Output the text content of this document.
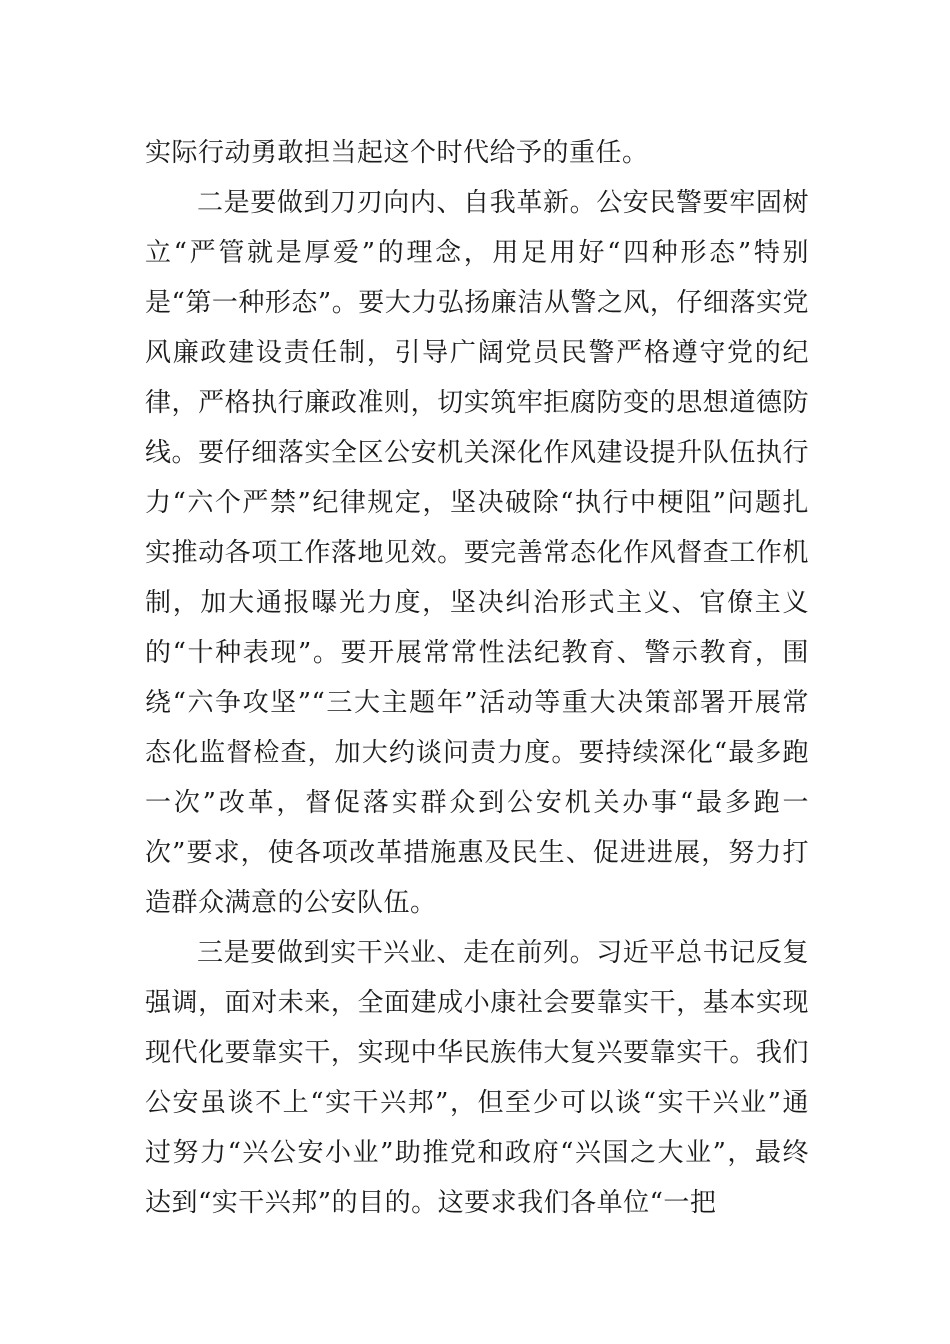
实际行动勇敢担当起这个时代给予的重任。

二是要做到刀刃向内、自我革新。公安民警要牢固树立“严管就是厚爱”的理念，用足用好“四种形态”特别是“第一种形态”。要大力弘扬廉洁从警之风，仔细落实党风廉政建设责任制，引导广阔党员民警严格遵守党的纪律，严格执行廉政准则，切实筑牢拒腐防变的思想道德防线。要仔细落实全区公安机关深化作风建设提升队伍执行力“六个严禁”纪律规定，坚决破除“执行中梗阻”问题扎实推动各项工作落地见效。要完善常态化作风督查工作机制，加大通报曝光力度，坚决纠治形式主义、官僚主义的“十种表现”。要开展常常性法纪教育、警示教育，围绕“六争攻坚”“三大主题年”活动等重大决策部署开展常态化监督检查，加大约谈问责力度。要持续深化“最多跑一次”改革，督促落实群众到公安机关办事“最多跑一次”要求，使各项改革措施惠及民生、促进进展，努力打造群众满意的公安队伍。

三是要做到实干兴业、走在前列。习近平总书记反复强调，面对未来，全面建成小康社会要靠实干，基本实现现代化要靠实干，实现中华民族伟大复兴要靠实干。我们公安虽谈不上“实干兴邦”，但至少可以谈“实干兴业”通过努力“兴公安小业”助推党和政府“兴国之大业”，最终达到“实干兴邦”的目的。这要求我们各单位“一把
